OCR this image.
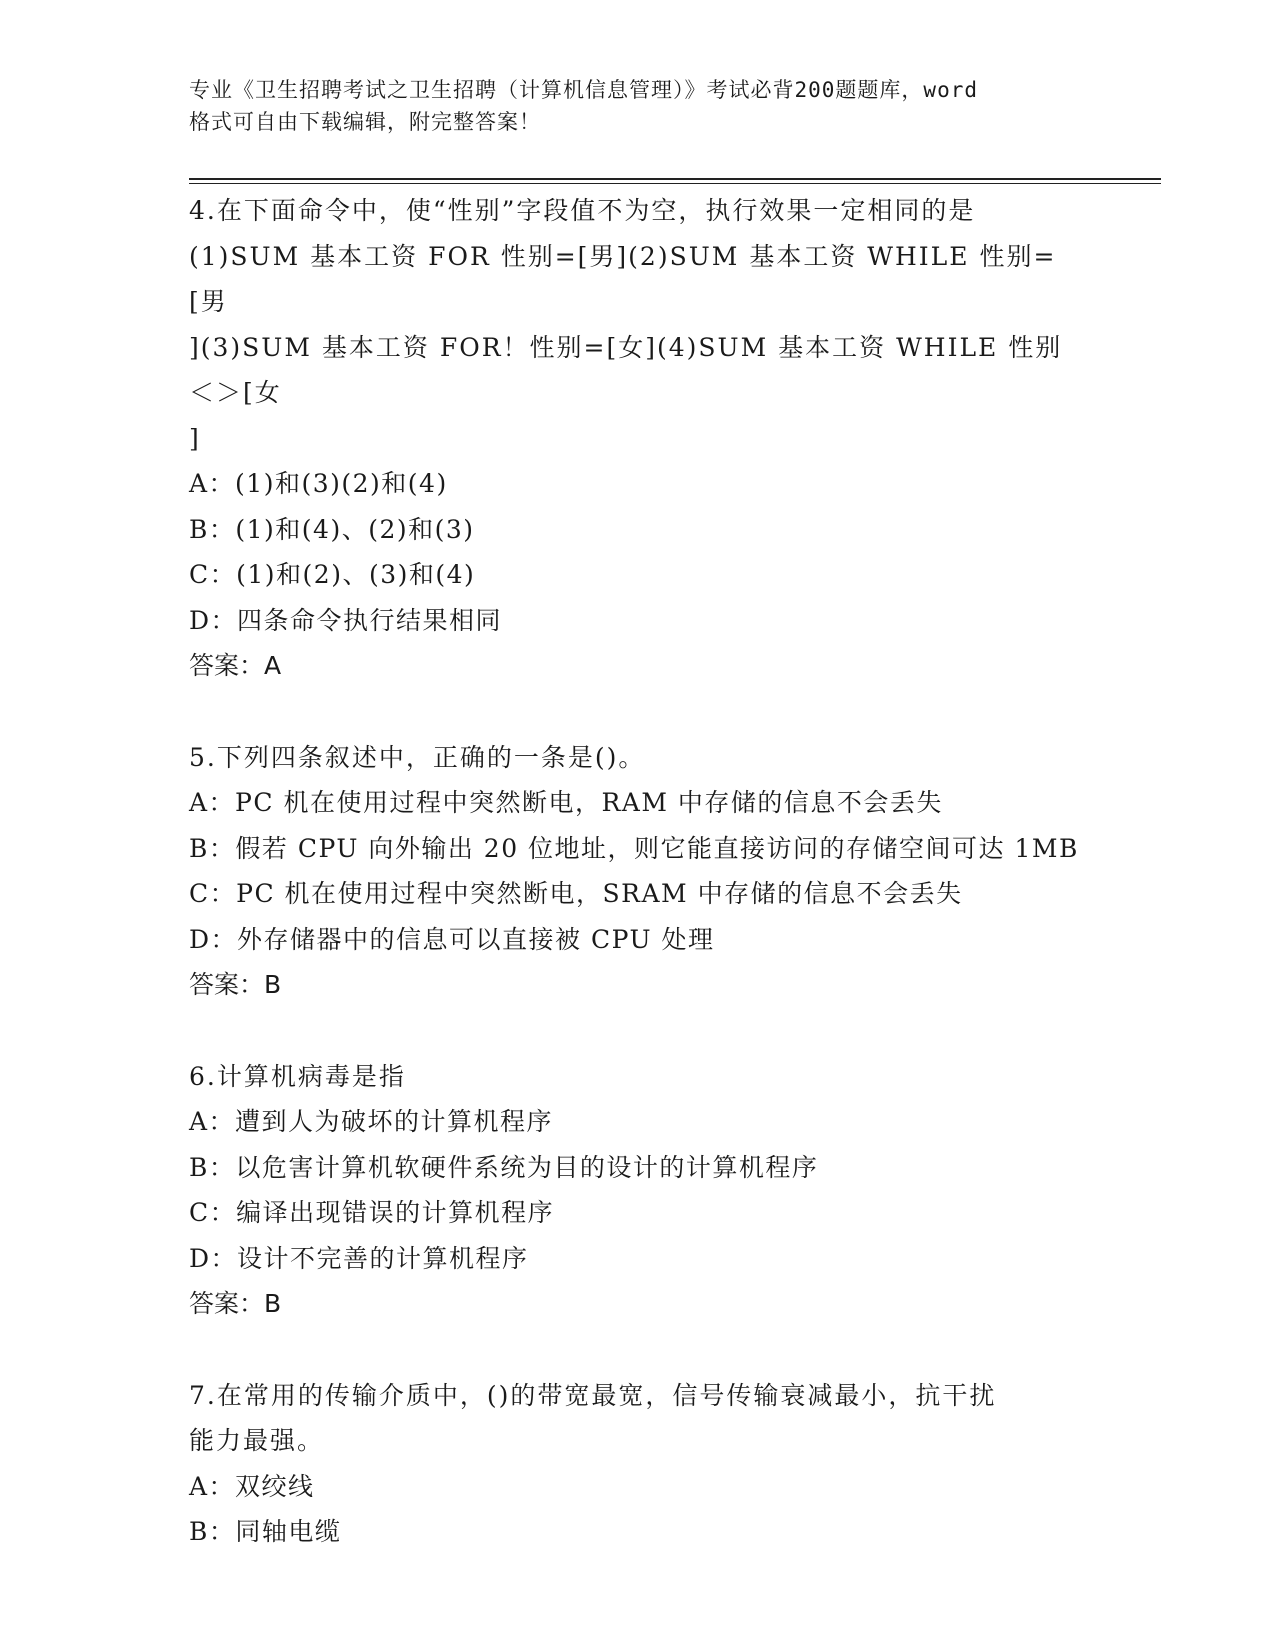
专业《卫生招聘考试之卫生招聘（计算机信息管理）》考试必背200题题库，word
格式可自由下载编辑，附完整答案！
4.在下面命令中，使“性别”字段值不为空，执行效果一定相同的是
(1)SUM 基本工资 FOR 性别=[男](2)SUM 基本工资 WHILE 性别=[男
](3)SUM 基本工资 FOR！性别=[女](4)SUM 基本工资 WHILE 性别＜＞[女
]
A：(1)和(3)(2)和(4)
B：(1)和(4)、(2)和(3)
C：(1)和(2)、(3)和(4)
D：四条命令执行结果相同
答案：A
5.下列四条叙述中，正确的一条是()。
A：PC 机在使用过程中突然断电，RAM 中存储的信息不会丢失
B：假若 CPU 向外输出 20 位地址，则它能直接访问的存储空间可达 1MB
C：PC 机在使用过程中突然断电，SRAM 中存储的信息不会丢失
D：外存储器中的信息可以直接被 CPU 处理
答案：B
6.计算机病毒是指
A：遭到人为破坏的计算机程序
B：以危害计算机软硬件系统为目的设计的计算机程序
C：编译出现错误的计算机程序
D：设计不完善的计算机程序
答案：B
7.在常用的传输介质中，()的带宽最宽，信号传输衰减最小，抗干扰
能力最强。
A：双绞线
B：同轴电缆
